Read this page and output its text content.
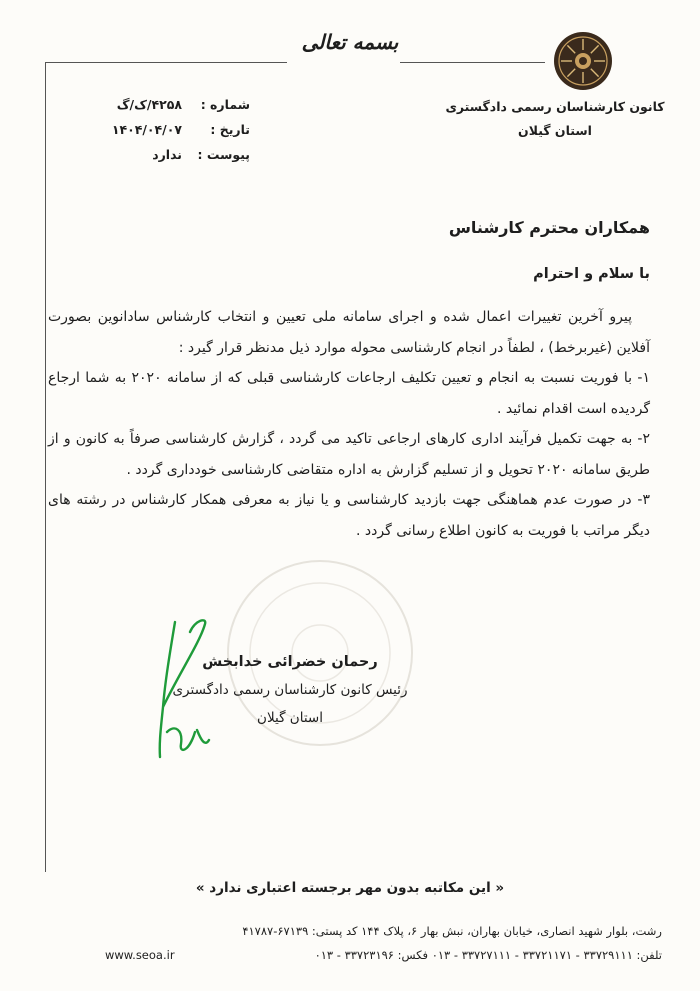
بسمه تعالی
کانون کارشناسان رسمی دادگستری
استان گیلان
شماره :
۴۲۵۸/ک/گ
تاریخ :
۱۴۰۴/۰۴/۰۷
پیوست :
ندارد
همکاران محترم کارشناس
با سلام و احترام

پیرو آخرین تغییرات اعمال شده و اجرای سامانه ملی تعیین و انتخاب کارشناس سادانوین بصورت آفلاین (غیربرخط) ، لطفاً در انجام کارشناسی محوله موارد ذیل مدنظر قرار گیرد :

۱- با فوریت نسبت به انجام و تعیین تکلیف ارجاعات کارشناسی قبلی که از سامانه ۲۰۲۰ به شما ارجاع گردیده است اقدام نمائید .

۲- به جهت تکمیل فرآیند اداری کارهای ارجاعی تاکید می گردد ، گزارش کارشناسی صرفاً به کانون و از طریق سامانه ۲۰۲۰ تحویل و از تسلیم گزارش به اداره متقاضی کارشناسی خودداری گردد .

۳- در صورت عدم هماهنگی جهت بازدید کارشناسی و یا نیاز به معرفی همکار کارشناس در رشته های دیگر مراتب با فوریت به کانون اطلاع رسانی گردد .

رحمان خضرائی خدابخش
رئیس کانون کارشناسان رسمی دادگستری
استان گیلان
« این مکاتبه بدون مهر برجسته اعتباری ندارد »
رشت، بلوار شهید انصاری، خیابان بهاران، نبش بهار ۶، پلاک ۱۴۴ کد پستی: ۶۷۱۳۹-۴۱۷۸۷
تلفن: ۳۳۷۲۹۱۱۱ - ۳۳۷۲۱۱۷۱ - ۳۳۷۲۷۱۱۱ - ۰۱۳ فکس: ۳۳۷۲۳۱۹۶ - ۰۱۳
www.seoa.ir
